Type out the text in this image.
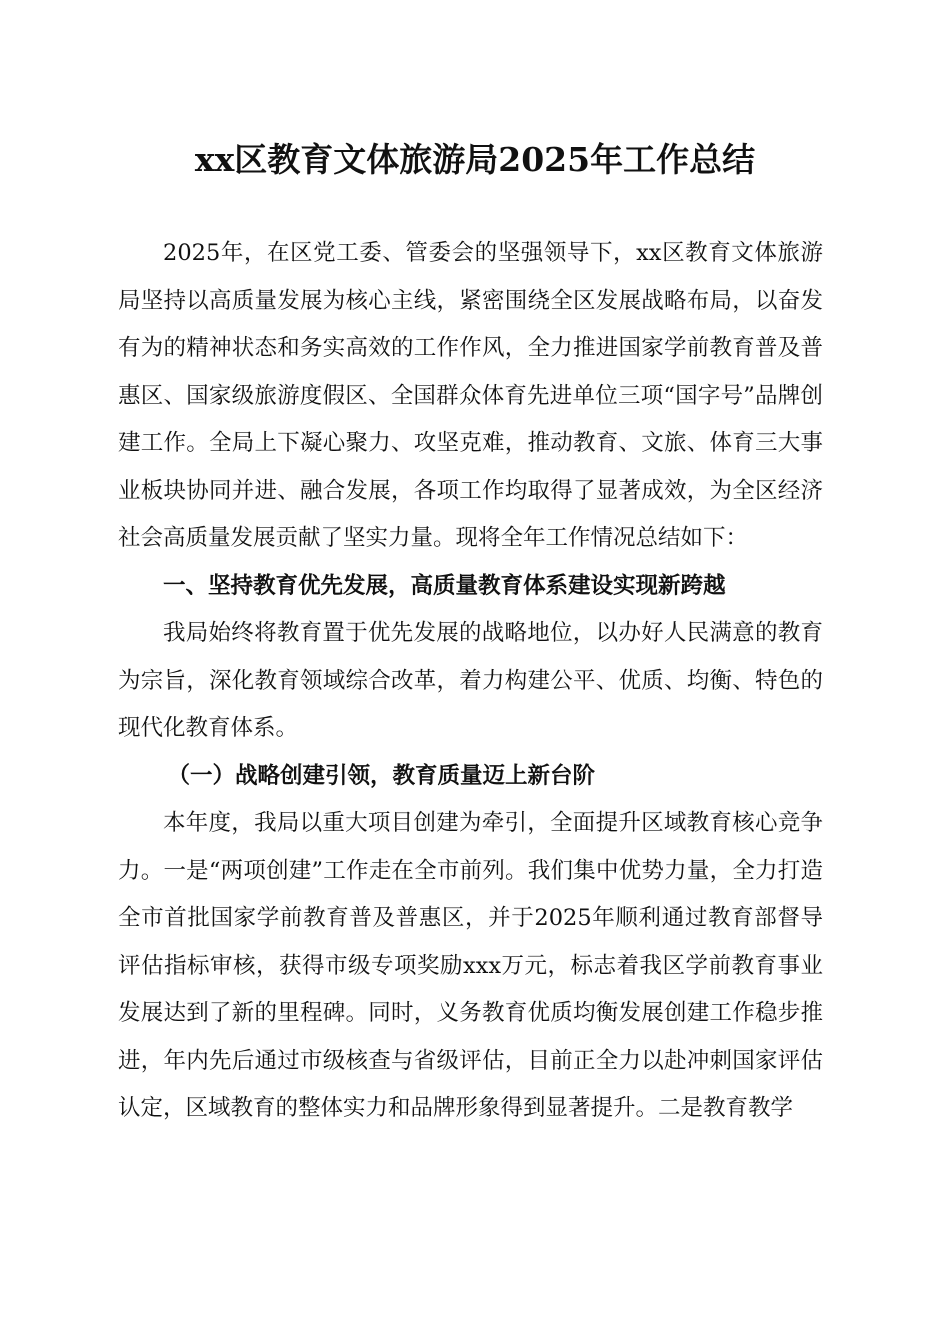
xx区教育文体旅游局2025年工作总结

2025年，在区党工委、管委会的坚强领导下，xx区教育文体旅游局坚持以高质量发展为核心主线，紧密围绕全区发展战略布局，以奋发有为的精神状态和务实高效的工作作风，全力推进国家学前教育普及普惠区、国家级旅游度假区、全国群众体育先进单位三项“国字号”品牌创建工作。全局上下凝心聚力、攻坚克难，推动教育、文旅、体育三大事业板块协同并进、融合发展，各项工作均取得了显著成效，为全区经济社会高质量发展贡献了坚实力量。现将全年工作情况总结如下：

一、坚持教育优先发展，高质量教育体系建设实现新跨越

我局始终将教育置于优先发展的战略地位，以办好人民满意的教育为宗旨，深化教育领域综合改革，着力构建公平、优质、均衡、特色的现代化教育体系。

（一）战略创建引领，教育质量迈上新台阶

本年度，我局以重大项目创建为牵引，全面提升区域教育核心竞争力。一是“两项创建”工作走在全市前列。我们集中优势力量，全力打造全市首批国家学前教育普及普惠区，并于2025年顺利通过教育部督导评估指标审核，获得市级专项奖励xxx万元，标志着我区学前教育事业发展达到了新的里程碑。同时，义务教育优质均衡发展创建工作稳步推进，年内先后通过市级核查与省级评估，目前正全力以赴冲刺国家评估认定，区域教育的整体实力和品牌形象得到显著提升。二是教育教学
